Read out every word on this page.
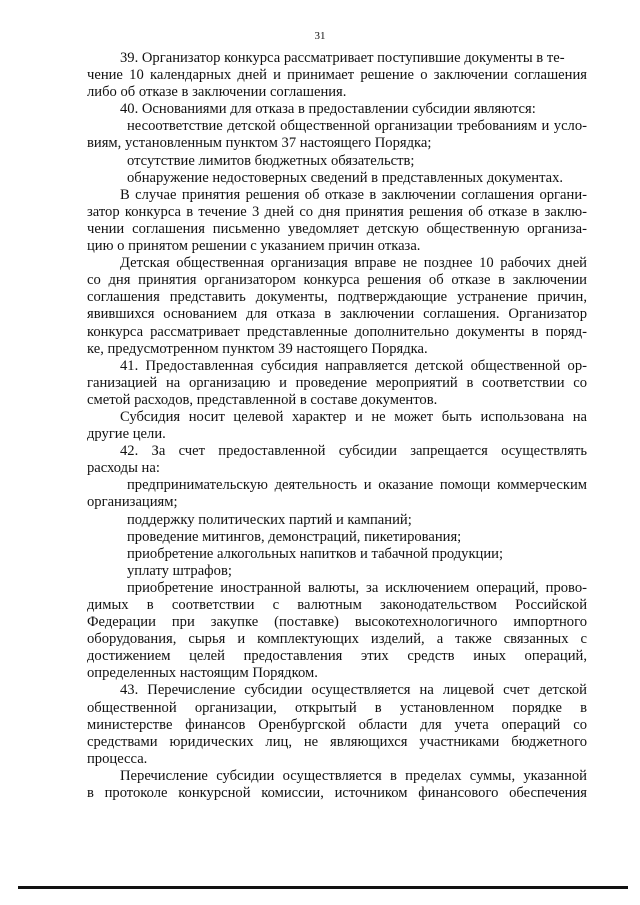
31
39. Организатор конкурса рассматривает поступившие документы в те-
чение 10 календарных дней и принимает решение о заключении соглашения
либо об отказе в заключении соглашения.
40. Основаниями для отказа в предоставлении субсидии являются:
несоответствие детской общественной организации требованиям и усло-
виям, установленным пунктом 37 настоящего Порядка;
отсутствие лимитов бюджетных обязательств;
обнаружение недостоверных сведений в представленных документах.
В случае принятия решения об отказе в заключении соглашения органи-
затор конкурса в течение 3 дней со дня принятия решения об отказе в заклю-
чении соглашения письменно уведомляет детскую общественную организа-
цию о принятом решении с указанием причин отказа.
Детская общественная организация вправе не позднее 10 рабочих дней
со дня принятия организатором конкурса решения об отказе в заключении
соглашения представить документы, подтверждающие устранение причин,
явившихся основанием для отказа в заключении соглашения. Организатор
конкурса рассматривает представленные дополнительно документы в поряд-
ке, предусмотренном пунктом 39 настоящего Порядка.
41. Предоставленная субсидия направляется детской общественной ор-
ганизацией на организацию и проведение мероприятий в соответствии со
сметой расходов, представленной в составе документов.
Субсидия носит целевой характер и не может быть использована на
другие цели.
42. За счет предоставленной субсидии запрещается осуществлять
расходы на:
предпринимательскую деятельность и оказание помощи коммерческим
организациям;
поддержку политических партий и кампаний;
проведение митингов, демонстраций, пикетирования;
приобретение алкогольных напитков и табачной продукции;
уплату штрафов;
приобретение иностранной валюты, за исключением операций, прово-
димых в соответствии с валютным законодательством Российской
Федерации при закупке (поставке) высокотехнологичного импортного
оборудования, сырья и комплектующих изделий, а также связанных с
достижением целей предоставления этих средств иных операций,
определенных настоящим Порядком.
43. Перечисление субсидии осуществляется на лицевой счет детской
общественной организации, открытый в установленном порядке в
министерстве финансов Оренбургской области для учета операций со
средствами юридических лиц, не являющихся участниками бюджетного
процесса.
Перечисление субсидии осуществляется в пределах суммы, указанной
в протоколе конкурсной комиссии, источником финансового обеспечения
